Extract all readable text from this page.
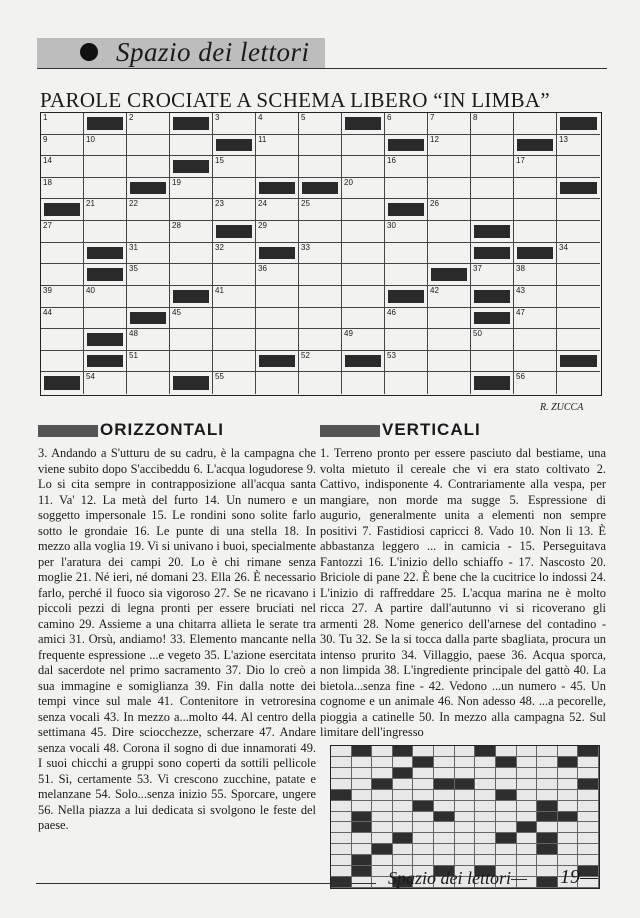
Spazio dei lettori
PAROLE CROCIATE A SCHEMA LIBERO “IN LIMBA”
1	2	3	4	5	6	7	8
9	10	11	12	13
14	15	16	17
18	19	20
21	22	23	24	25	26
27	28	29	30
31	32	33	34
35	36	37	38
39	40	41	42	43
44	45	46	47
48	49	50
51	52	53
54	55	56
R. ZUCCA
ORIZZONTALI	VERTICALI
3. Andando a S'utturu de su cadru, è la campagna che viene subito dopo S'accibeddu 6. L'acqua logudorese 9. Lo si cita sempre in contrapposizione all'acqua santa 11. Va' 12. La metà del furto 14. Un numero e un soggetto impersonale 15. Le rondini sono solite farlo sotto le grondaie 16. Le punte di una stella 18. In mezzo alla voglia 19. Vi si univano i buoi, specialmente per l'aratura dei campi 20. Lo è chi rimane senza moglie 21. Né ieri, né domani 23. Ella 26. È necessario farlo, perché il fuoco sia vigoroso 27. Se ne ricavano i piccoli pezzi di legna pronti per essere bruciati nel camino 29. Assieme a una chitarra allieta le serate tra amici 31. Orsù, andiamo! 33. Elemento mancante nella frequente espressione ...e vegeto 35. L'azione esercitata dal sacerdote nel primo sacramento 37. Dio lo creò a sua immagine e somiglianza 39. Fin dalla notte dei tempi vince sul male 41. Contenitore in vetroresina senza vocali 43. In mezzo a...molto 44. Al centro della settimana 45. Dire sciocchezze, scherzare 47. Andare senza vocali 48. Corona il sogno di due innamorati 49. I suoi chicchi a gruppi sono coperti da sottili pellicole 51. Sì, certamente 53. Vi crescono zucchine, patate e melanzane 54. Solo...senza inizio 55. Sporcare, ungere 56. Nella piazza a lui dedicata si svolgono le feste del paese.
1. Terreno pronto per essere pasciuto dal bestiame, una volta mietuto il cereale che vi era stato coltivato 2. Cattivo, indisponente 4. Contrariamente alla vespa, per mangiare, non morde ma sugge 5. Espressione di augurio, generalmente unita a elementi non sempre positivi 7. Fastidiosi capricci 8. Vado 10. Non lì 13. È abbastanza leggero ... in camicia - 15. Perseguitava Fantozzi 16. L'inizio dello schiaffo - 17. Nascosto 20. Briciole di pane 22. È bene che la cucitrice lo indossi 24. L'inizio di raffreddare 25. L'acqua marina ne è molto ricca 27. A partire dall'autunno vi si ricoverano gli armenti 28. Nome generico dell'arnese del contadino - 30. Tu 32. Se la si tocca dalla parte sbagliata, procura un intenso prurito 34. Villaggio, paese 36. Acqua sporca, non limpida 38. L'ingrediente principale del gattò 40. La bietola...senza fine - 42. Vedono ...un numero - 45. Un cognome e un animale 46. Non adesso 48. ...a pecorelle, pioggia a catinelle 50. In mezzo alla campagna 52. Sul limitare dell'ingresso
Spazio dei lettori— 19—
